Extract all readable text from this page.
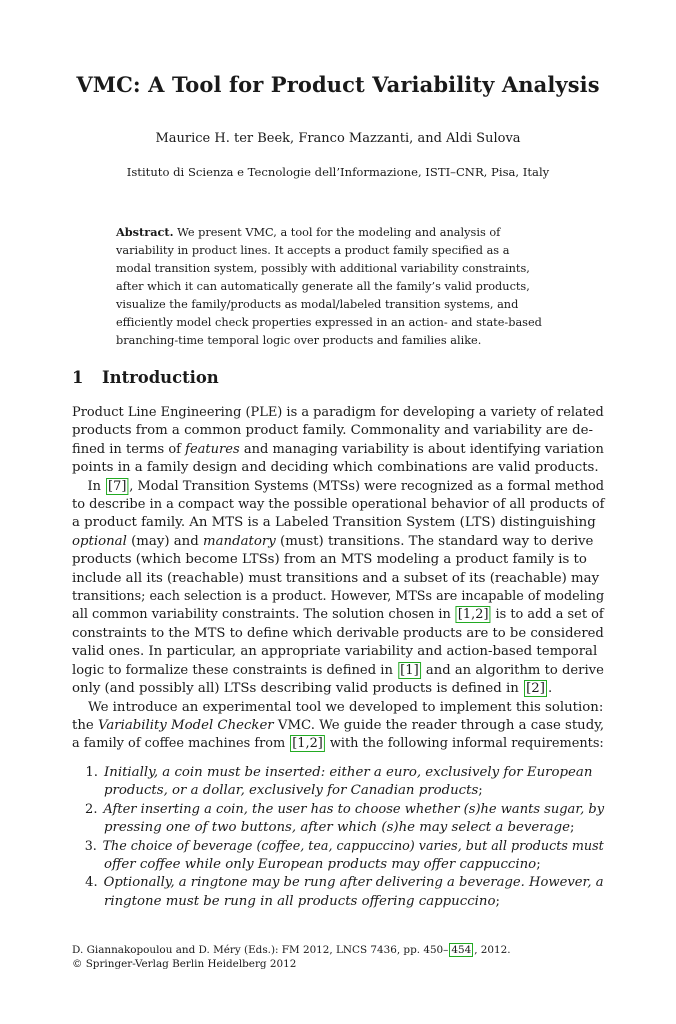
VMC: A Tool for Product Variability Analysis
Maurice H. ter Beek, Franco Mazzanti, and Aldi Sulova
Istituto di Scienza e Tecnologie dell’Informazione, ISTI–CNR, Pisa, Italy
Abstract. We present VMC, a tool for the modeling and analysis of
variability in product lines. It accepts a product family specified as a
modal transition system, possibly with additional variability constraints,
after which it can automatically generate all the family’s valid products,
visualize the family/products as modal/labeled transition systems, and
efficiently model check properties expressed in an action- and state-based
branching-time temporal logic over products and families alike.
1 Introduction
Product Line Engineering (PLE) is a paradigm for developing a variety of related
products from a common product family. Commonality and variability are de-
fined in terms of features and managing variability is about identifying variation
points in a family design and deciding which combinations are valid products.
In [7] , Modal Transition Systems (MTSs) were recognized as a formal method
to describe in a compact way the possible operational behavior of all products of
a product family. An MTS is a Labeled Transition System (LTS) distinguishing
optional (may) and mandatory (must) transitions. The standard way to derive
products (which become LTSs) from an MTS modeling a product family is to
include all its (reachable) must transitions and a subset of its (reachable) may
transitions; each selection is a product. However, MTSs are incapable of modeling
all common variability constraints. The solution chosen in [1,2] is to add a set of
constraints to the MTS to define which derivable products are to be considered
valid ones. In particular, an appropriate variability and action-based temporal
logic to formalize these constraints is defined in [1] and an algorithm to derive
only (and possibly all) LTSs describing valid products is defined in [2] .
We introduce an experimental tool we developed to implement this solution:
the Variability Model Checker VMC. We guide the reader through a case study,
a family of coffee machines from [1,2] with the following informal requirements:
1. Initially, a coin must be inserted: either a euro, exclusively for European
products, or a dollar, exclusively for Canadian products;
2. After inserting a coin, the user has to choose whether (s)he wants sugar, by
pressing one of two buttons, after which (s)he may select a beverage;
3. The choice of beverage (coffee, tea, cappuccino) varies, but all products must
offer coffee while only European products may offer cappuccino;
4. Optionally, a ringtone may be rung after delivering a beverage. However, a
ringtone must be rung in all products offering cappuccino;
D. Giannakopoulou and D. Méry (Eds.): FM 2012, LNCS 7436, pp. 450– 454 , 2012.
© Springer-Verlag Berlin Heidelberg 2012
